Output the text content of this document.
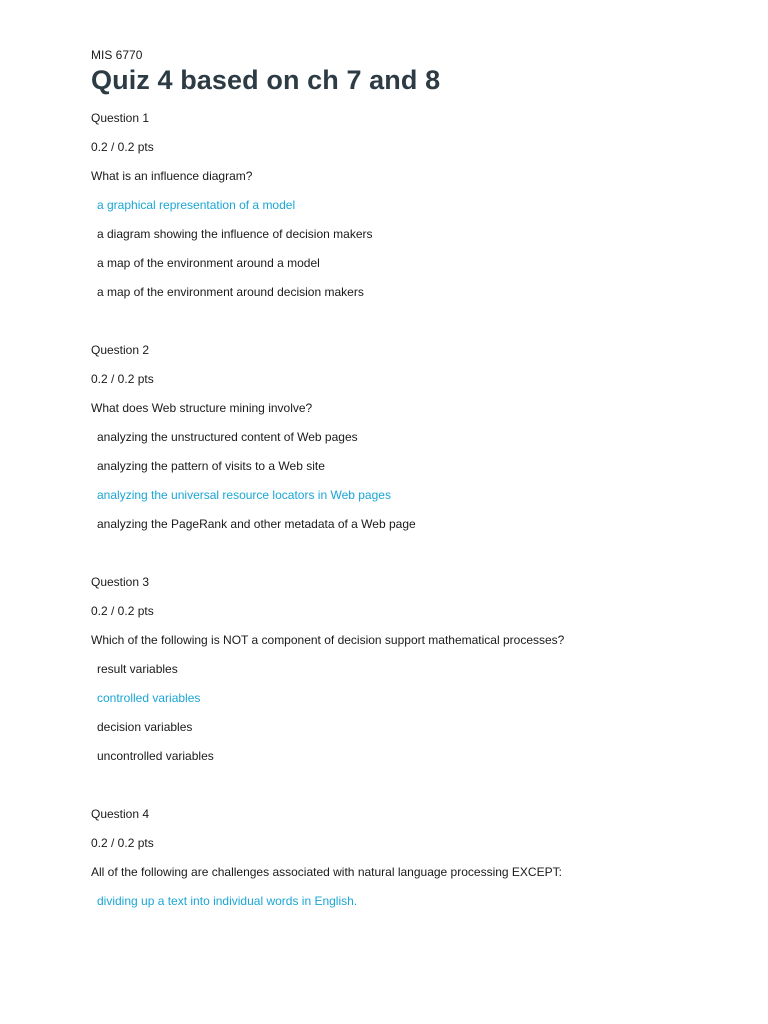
MIS 6770
Quiz 4 based on ch 7 and 8
Question 1
0.2 / 0.2 pts
What is an influence diagram?
a graphical representation of a model
a diagram showing the influence of decision makers
a map of the environment around a model
a map of the environment around decision makers
Question 2
0.2 / 0.2 pts
What does Web structure mining involve?
analyzing the unstructured content of Web pages
analyzing the pattern of visits to a Web site
analyzing the universal resource locators in Web pages
analyzing the PageRank and other metadata of a Web page
Question 3
0.2 / 0.2 pts
Which of the following is NOT a component of decision support mathematical processes?
result variables
controlled variables
decision variables
uncontrolled variables
Question 4
0.2 / 0.2 pts
All of the following are challenges associated with natural language processing EXCEPT:
dividing up a text into individual words in English.
